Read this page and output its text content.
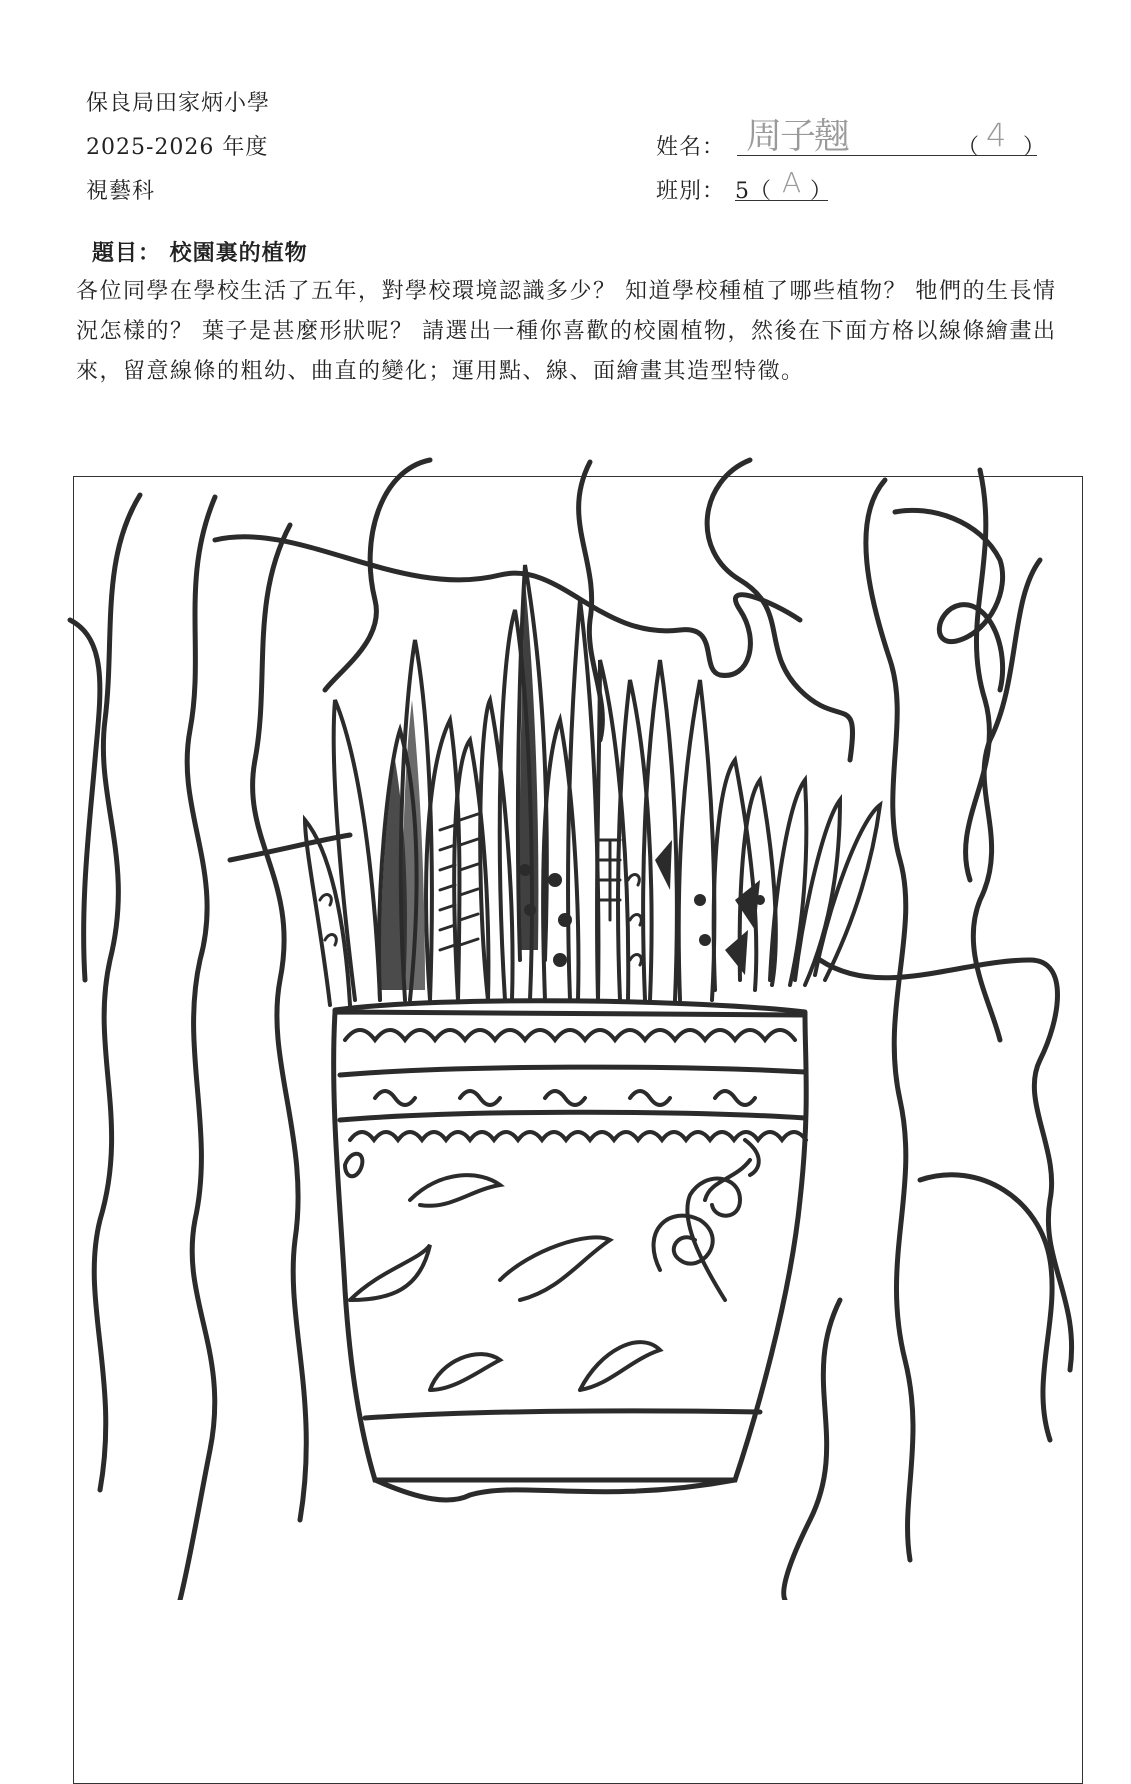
保良局田家炳小學
2025-2026 年度
視藝科
姓名： 周子翹	（ 4 ）
班別： 5（ A ）
題目： 校園裏的植物
各位同學在學校生活了五年，對學校環境認識多少？ 知道學校種植了哪些植物？ 牠們的生長情況怎樣的？ 葉子是甚麼形狀呢？ 請選出一種你喜歡的校園植物，然後在下面方格以線條繪畫出來，留意線條的粗幼、曲直的變化；運用點、線、面繪畫其造型特徵。
